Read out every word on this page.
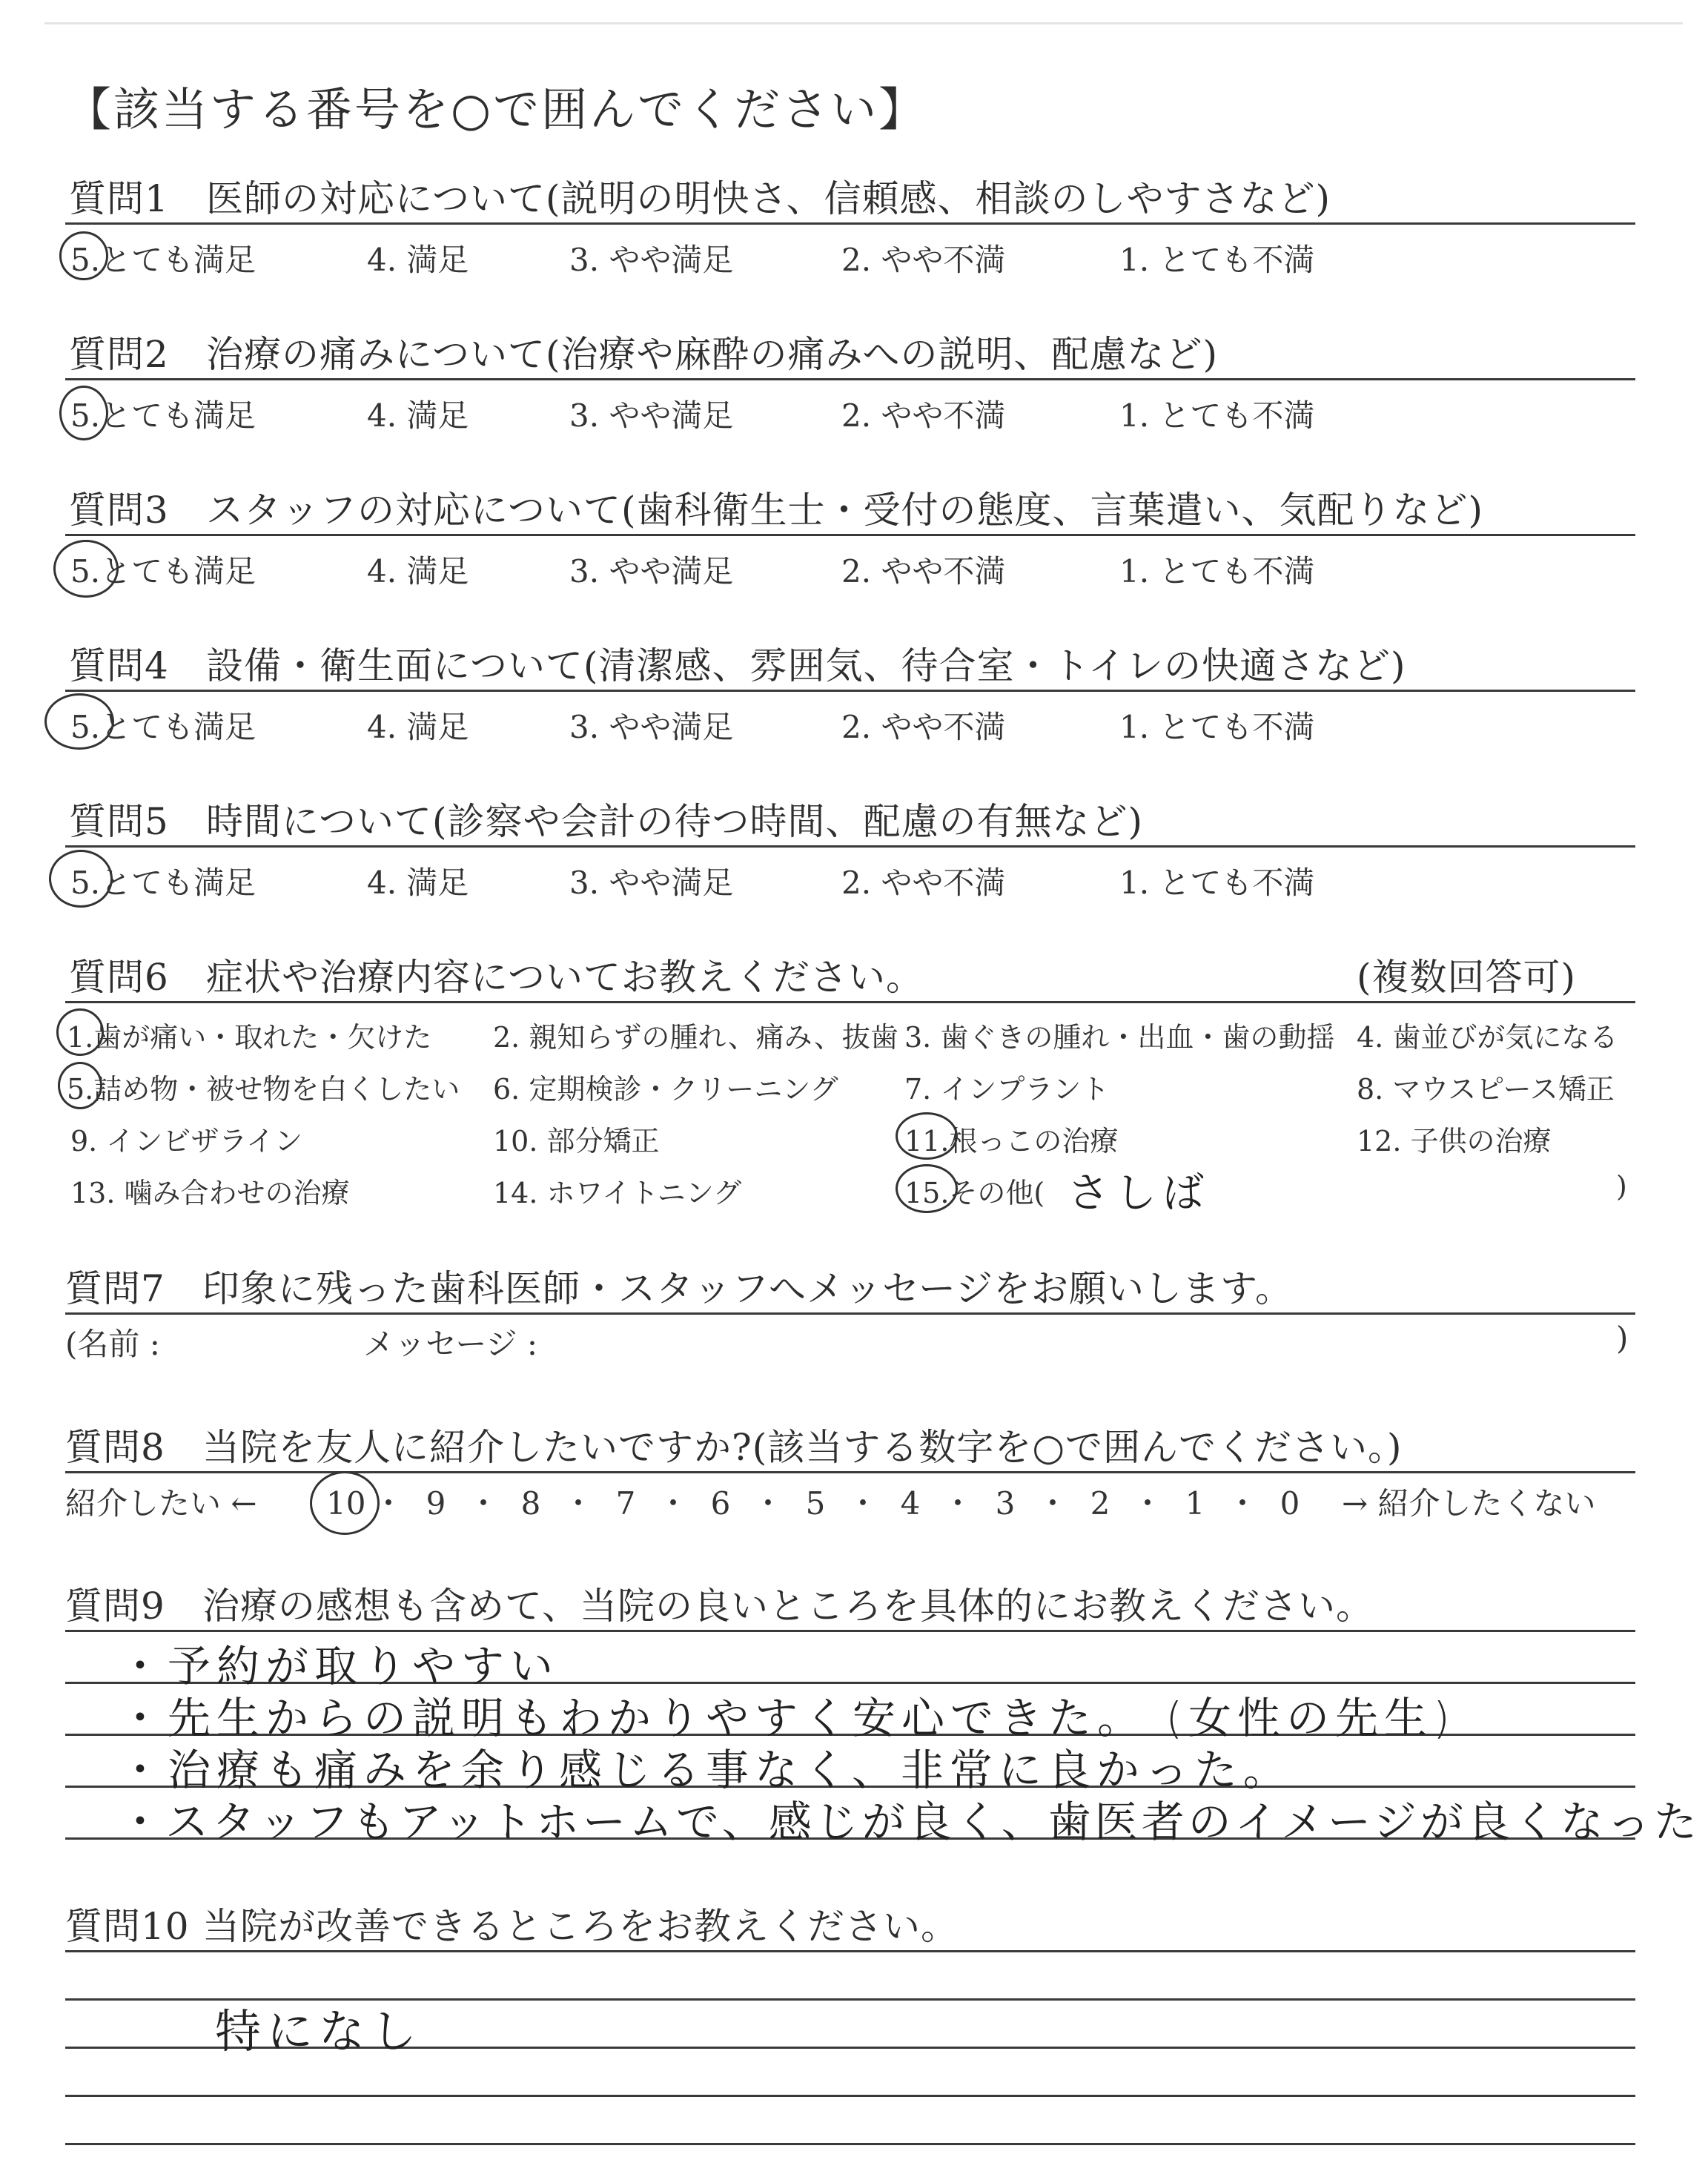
【該当する番号を○で囲んでください】
質問1 医師の対応について(説明の明快さ、信頼感、相談のしやすさなど)
5.とても満足	4. 満足	3. やや満足	2. やや不満	1. とても不満
質問2 治療の痛みについて(治療や麻酔の痛みへの説明、配慮など)
5.とても満足	4. 満足	3. やや満足	2. やや不満	1. とても不満
質問3 スタッフの対応について(歯科衛生士・受付の態度、言葉遣い、気配りなど)
5.とても満足	4. 満足	3. やや満足	2. やや不満	1. とても不満
質問4 設備・衛生面について(清潔感、雰囲気、待合室・トイレの快適さなど)
5.とても満足	4. 満足	3. やや満足	2. やや不満	1. とても不満
質問5 時間について(診察や会計の待つ時間、配慮の有無など)
5.とても満足	4. 満足	3. やや満足	2. やや不満	1. とても不満
質問6 症状や治療内容についてお教えください。	(複数回答可)
1.歯が痛い・取れた・欠けた 2. 親知らずの腫れ、痛み、抜歯 3. 歯ぐきの腫れ・出血・歯の動揺 4. 歯並びが気になる
5.詰め物・被せ物を白くしたい 6. 定期検診・クリーニング 7. インプラント	8. マウスピース矯正
9. インビザライン	10. 部分矯正	11.根っこの治療	12. 子供の治療
13. 噛み合わせの治療	14. ホワイトニング	15.その他( さしば	)
質問7 印象に残った歯科医師・スタッフへメッセージをお願いします。
(名前 :	メッセージ :	)
質問8 当院を友人に紹介したいですか?(該当する数字を○で囲んでください。)
紹介したい ← 10・9・8・7・6・5・4・3・2・1・0 → 紹介したくない
質問9 治療の感想も含めて、当院の良いところを具体的にお教えください。
・予約が取りやすい
・先生からの説明もわかりやすく安心できた。 (女性の先生)
・治療も痛みを余り感じる事なく、非常に良かった。
・スタッフもアットホームで、感じが良く、歯医者のイメージが良くなった
質問10 当院が改善できるところをお教えください。
特になし
